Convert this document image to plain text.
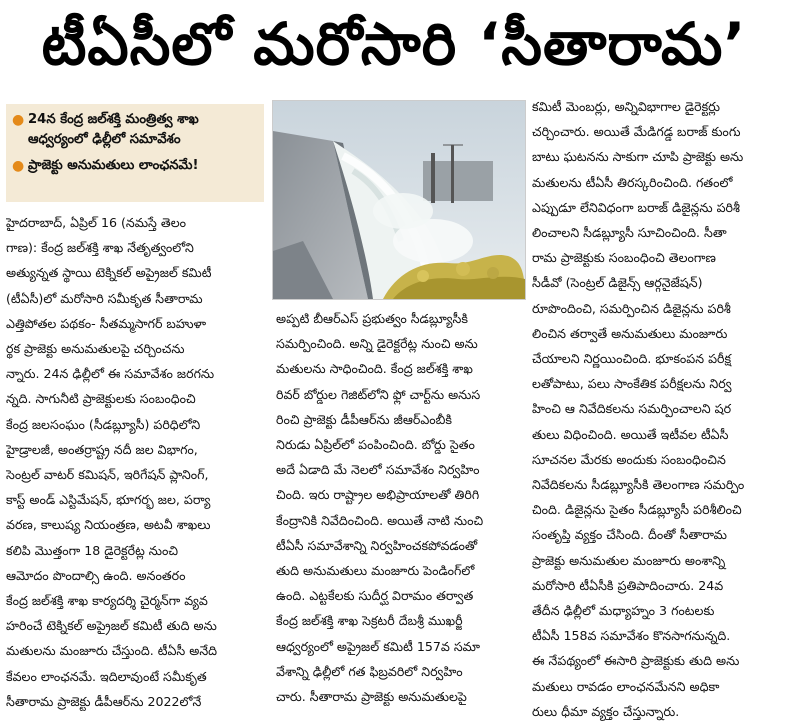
టీఏసీలో మరోసారి ‘సీతారామ’
● 24న కేంద్ర జల్‌శక్తి మంత్రిత్వ శాఖ ఆధ్వర్యంలో ఢిల్లీలో సమావేశం
● ప్రాజెక్టు అనుమతులు లాంఛనమే!
హైదరాబాద్, ఏప్రిల్ 16 (నమస్తే తెలం
గాణ): కేంద్ర జల్‌శక్తి శాఖ నేతృత్వంలోని
అత్యున్నత స్థాయి టెక్నికల్ అప్రైజల్ కమిటీ
(టీఏసీ)లో మరోసారి సమీకృత సీతారామ
ఎత్తిపోతల పథకం- సీతమ్మసాగర్ బహుళా
ర్థక ప్రాజెక్టు అనుమతులపై చర్చించను
న్నారు. 24న ఢిల్లీలో ఈ సమావేశం జరగను
న్నది. సాగునీటి ప్రాజెక్టులకు సంబంధించి
కేంద్ర జలసంఘం (సీడబ్ల్యూసీ) పరిధిలోని
హైడ్రాలజీ, అంతర్రాష్ట్ర నదీ జల విభాగం,
సెంట్రల్ వాటర్ కమిషన్, ఇరిగేషన్ ప్లానింగ్,
కాస్ట్ అండ్ ఎస్టిమేషన్, భూగర్భ జల, పర్యా
వరణ, కాలుష్య నియంత్రణ, అటవీ శాఖలు
కలిపి మొత్తంగా 18 డైరెక్టరేట్ల నుంచి
ఆమోదం పొందాల్సి ఉంది. అనంతరం
కేంద్ర జల్‌శక్తి శాఖ కార్యదర్శి చైర్మన్‌గా వ్యవ
హరించే టెక్నికల్ అప్రైజల్ కమిటీ తుది అను
మతులను మంజూరు చేస్తుంది. టీఏసీ అనేది
కేవలం లాంఛనమే. ఇదిలావుంటే సమీకృత
సీతారామ ప్రాజెక్టు డీపీఆర్‌ను 2022లోనే
అప్పటి బీఆర్‌ఎస్ ప్రభుత్వం సీడబ్ల్యూసీకి
సమర్పించింది. అన్ని డైరెక్టరేట్ల నుంచి అను
మతులను సాధించింది. కేంద్ర జల్‌శక్తి శాఖ
రివర్ బోర్డుల గెజిట్‌లోని ఫ్లో చార్ట్‌ను అనుస
రించి ప్రాజెక్టు డీపీఆర్‌ను జీఆర్‌ఎంబీకి
నిరుడు ఏప్రిల్‌లో పంపించింది. బోర్డు సైతం
అదే ఏడాది మే నెలలో సమావేశం నిర్వహిం
చింది. ఇరు రాష్ట్రాల అభిప్రాయాలతో తిరిగి
కేంద్రానికి నివేదించింది. అయితే నాటి నుంచి
టీఏసీ సమావేశాన్ని నిర్వహించకపోవడంతో
తుది అనుమతులు మంజూరు పెండింగ్‌లో
ఉంది. ఎట్టకేలకు సుదీర్ఘ విరామం తర్వాత
కేంద్ర జల్‌శక్తి శాఖ సెక్రటరీ దేబశ్రీ ముఖర్జీ
ఆధ్వర్యంలో అప్రైజల్ కమిటీ 157వ సమా
వేశాన్ని ఢిల్లీలో గత ఫిబ్రవరిలో నిర్వహిం
చారు. సీతారామ ప్రాజెక్టు అనుమతులపై
కమిటీ మెంబర్లు, అన్నివిభాగాల డైరెక్టర్లు
చర్చించారు. అయితే మేడిగడ్డ బరాజ్ కుంగు
బాటు ఘటనను సాకుగా చూపి ప్రాజెక్టు అను
మతులను టీఏసీ తిరస్కరించింది. గతంలో
ఎప్పుడూ లేనివిధంగా బరాజ్ డిజైన్లను పరిశీ
లించాలని సీడబ్ల్యూసీ సూచించింది. సీతా
రామ ప్రాజెక్టుకు సంబంధించి తెలంగాణ
సీడీవో (సెంట్రల్ డిజైన్స్ ఆర్గనైజేషన్)
రూపొందించి, సమర్పించిన డిజైన్లను పరిశీ
లించిన తర్వాతే అనుమతులు మంజూరు
చేయాలని నిర్ణయించింది. భూకంపన పరీక్ష
లతోపాటు, పలు సాంకేతిక పరీక్షలను నిర్వ
హించి ఆ నివేదికలను సమర్పించాలని షర
తులు విధించింది. అయితే ఇటీవల టీఏసీ
సూచనల మేరకు అందుకు సంబంధించిన
నివేదికలను సీడబ్ల్యూసీకి తెలంగాణ సమర్పిం
చింది. డిజైన్లను సైతం సీడబ్ల్యూసీ పరిశీలించి
సంతృప్తి వ్యక్తం చేసింది. దీంతో సీతారామ
ప్రాజెక్టు అనుమతుల మంజూరు అంశాన్ని
మరోసారి టీఏసీకి ప్రతిపాదించారు. 24వ
తేదీన ఢిల్లీలో మధ్యాహ్నం 3 గంటలకు
టీఏసీ 158వ సమావేశం కొనసాగనున్నది.
ఈ నేపథ్యంలో ఈసారి ప్రాజెక్టుకు తుది అను
మతులు రావడం లాంఛనమేనని అధికా
రులు ధీమా వ్యక్తం చేస్తున్నారు.
